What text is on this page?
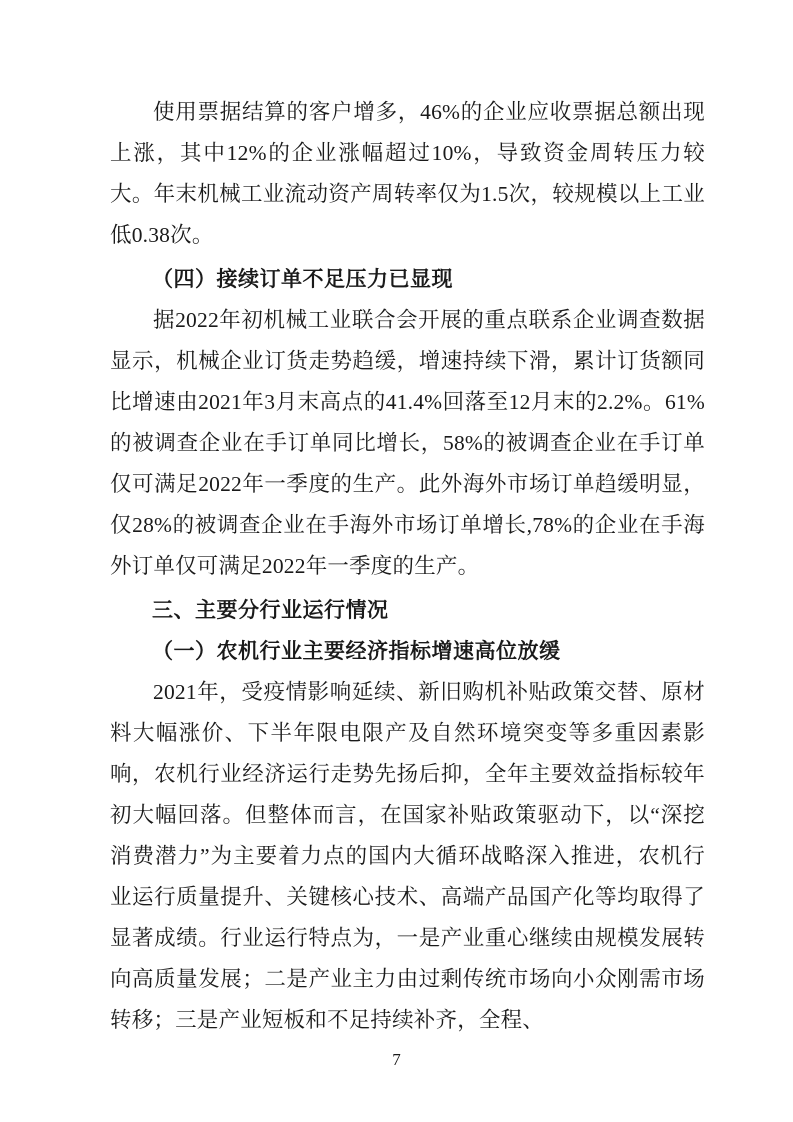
使用票据结算的客户增多，46%的企业应收票据总额出现上涨，其中12%的企业涨幅超过10%，导致资金周转压力较大。年末机械工业流动资产周转率仅为1.5次，较规模以上工业低0.38次。

（四）接续订单不足压力已显现

据2022年初机械工业联合会开展的重点联系企业调查数据显示，机械企业订货走势趋缓，增速持续下滑，累计订货额同比增速由2021年3月末高点的41.4%回落至12月末的2.2%。61%的被调查企业在手订单同比增长，58%的被调查企业在手订单仅可满足2022年一季度的生产。此外海外市场订单趋缓明显，仅28%的被调查企业在手海外市场订单增长,78%的企业在手海外订单仅可满足2022年一季度的生产。

三、主要分行业运行情况

（一）农机行业主要经济指标增速高位放缓

2021年，受疫情影响延续、新旧购机补贴政策交替、原材料大幅涨价、下半年限电限产及自然环境突变等多重因素影响，农机行业经济运行走势先扬后抑，全年主要效益指标较年初大幅回落。但整体而言，在国家补贴政策驱动下，以“深挖消费潜力”为主要着力点的国内大循环战略深入推进，农机行业运行质量提升、关键核心技术、高端产品国产化等均取得了显著成绩。行业运行特点为，一是产业重心继续由规模发展转向高质量发展；二是产业主力由过剩传统市场向小众刚需市场转移；三是产业短板和不足持续补齐，全程、

7
